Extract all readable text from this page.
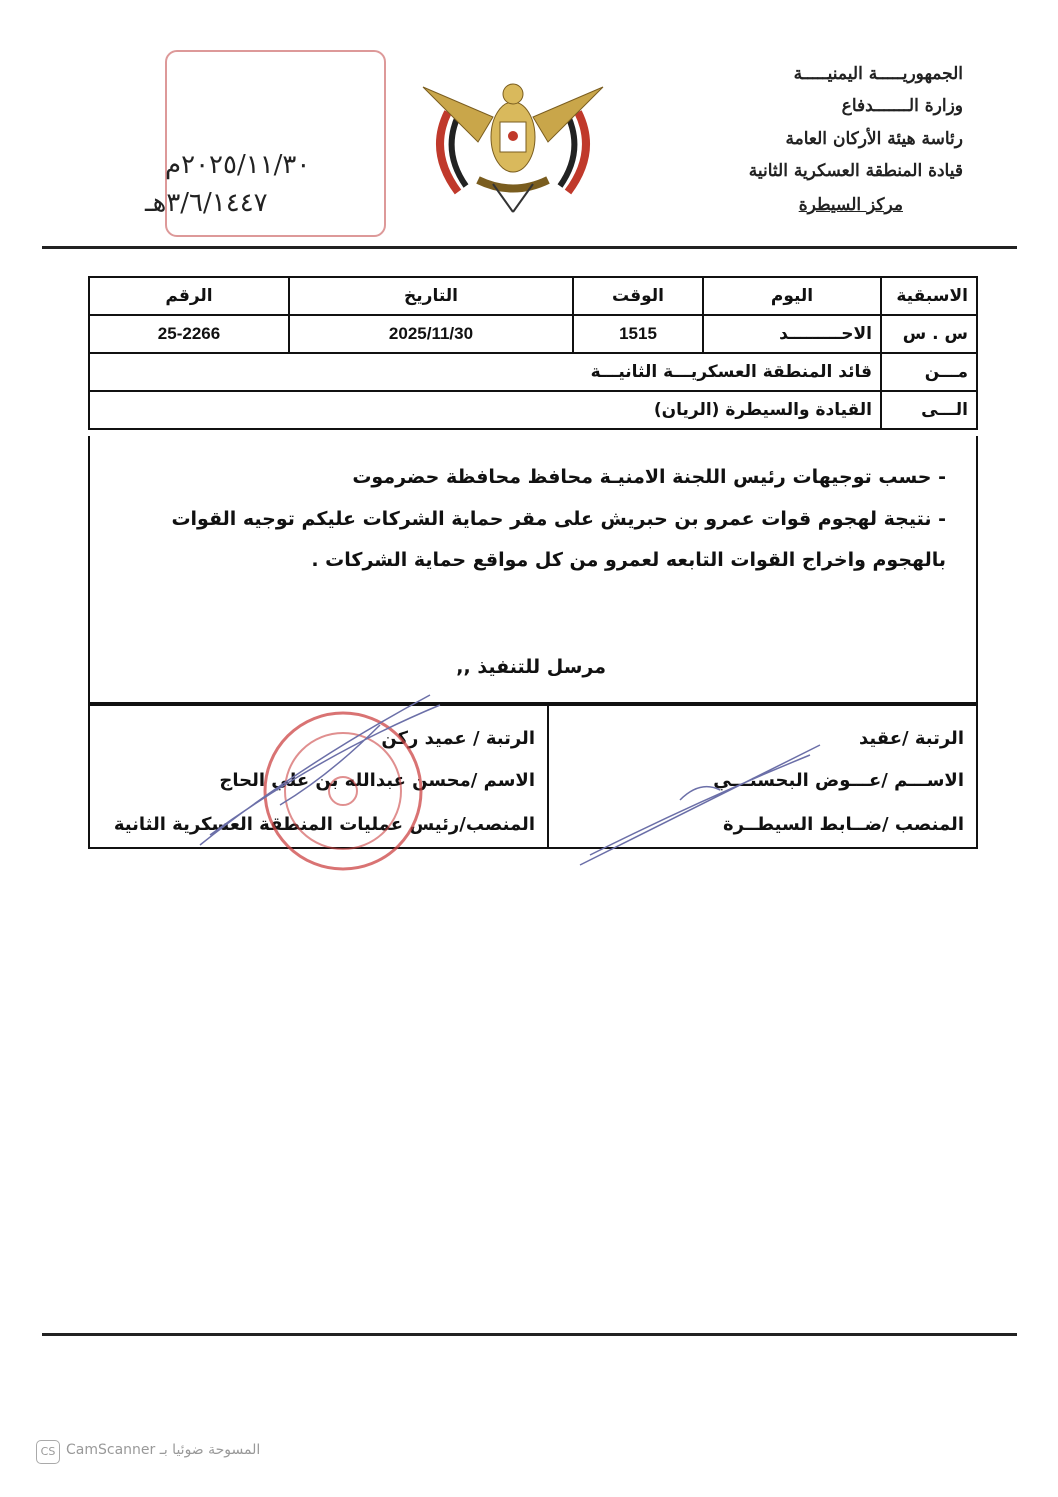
الجمهوريـــــة اليمنيـــــة
وزارة الـــــــدفاع
رئاسة هيئة الأركان العامة
قيادة المنطقة العسكرية الثانية
مركز السيطرة
٢٠٢٥/١١/٣٠م
٣/٦/١٤٤٧هـ
الاسبقية	اليوم	الوقت	التاريخ	الرقم
س . س	الاحـــــــــد	1515	2025/11/30	25-2266
مـــن	قائد المنطقة العسكريـــة الثانيـــة			
الـــى	القيادة والسيطرة (الريان)			
- حسب توجيهات رئيس اللجنة الامنيـة محافظ محافظة حضرموت
- نتيجة لهجوم قوات عمرو بن حبريش على مقر حماية الشركات عليكم توجيه القوات
بالهجوم واخراج القوات التابعه لعمرو من كل مواقع حماية الشركات .
مرسل للتنفيذ ,,
الرتبة /عقيد
الاســـم /عـــوض البحسنـــي
المنصب /ضــابط السيطــرة
الرتبة / عميد ركن
الاسم /محسن عبدالله بن علي الحاج
المنصب/رئيس عمليات المنطقة العسكرية الثانية
CS المسوحة ضوئيا بـ CamScanner
